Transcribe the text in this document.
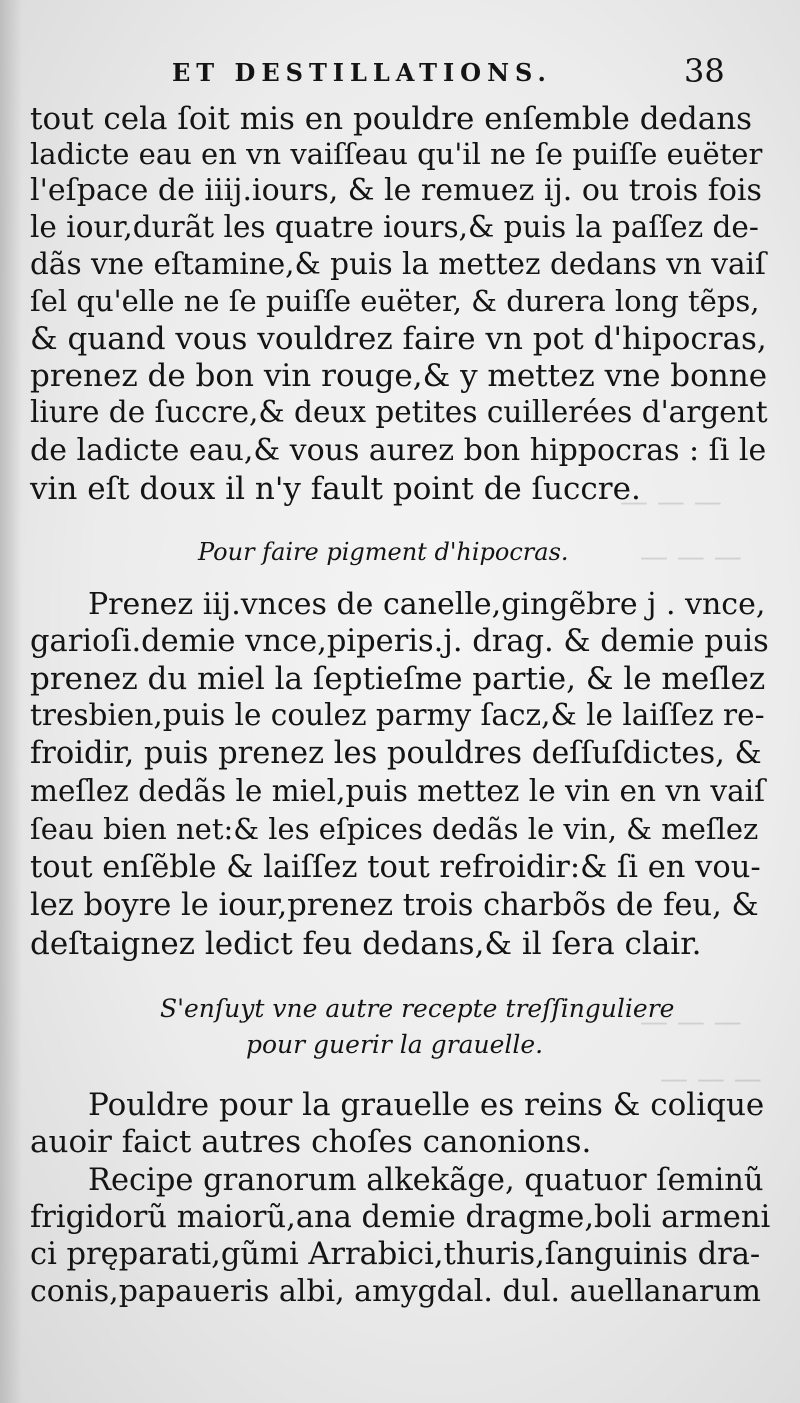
— — —
— — —
— — —
— — —
ET DESTILLATIONS.	38
tout cela ſoit mis en pouldre enſemble dedans
ladicte eau en vn vaiſſeau qu'il ne ſe puiſſe euëter
l'eſpace de iiij.iours, & le remuez ij. ou trois fois
le iour,durãt les quatre iours,& puis la paſſez de-
dãs vne eſtamine,& puis la mettez dedans vn vaiſ
ſel qu'elle ne ſe puiſſe euëter, & durera long tẽps,
& quand vous vouldrez faire vn pot d'hipocras,
prenez de bon vin rouge,& y mettez vne bonne
liure de ſuccre,& deux petites cuillerées d'argent
de ladicte eau,& vous aurez bon hippocras : ſi le
vin eſt doux il n'y fault point de ſuccre.
Pour faire pigment d'hipocras.
Prenez iij.vnces de canelle,gingẽbre j . vnce,
garioſi.demie vnce,piperis.j. drag. & demie puis
prenez du miel la ſeptieſme partie, & le meſlez
tresbien,puis le coulez parmy ſacz,& le laiſſez re-
froidir, puis prenez les pouldres deſſuſdictes, &
meſlez dedãs le miel,puis mettez le vin en vn vaiſ
ſeau bien net:& les eſpices dedãs le vin, & meſlez
tout enſẽble & laiſſez tout refroidir:& ſi en vou-
lez boyre le iour,prenez trois charbõs de feu, &
deſtaignez ledict feu dedans,& il ſera clair.
S'enſuyt vne autre recepte treſſinguliere
pour guerir la grauelle.
Pouldre pour la grauelle es reins & colique
auoir faict autres choſes canonions.
Recipe granorum alkekãge, quatuor ſeminũ
frigidorũ maiorũ,ana demie dragme,boli armeni
ci pręparati,gũmi Arrabici,thuris,ſanguinis dra-
conis,papaueris albi, amygdal. dul. auellanarum
